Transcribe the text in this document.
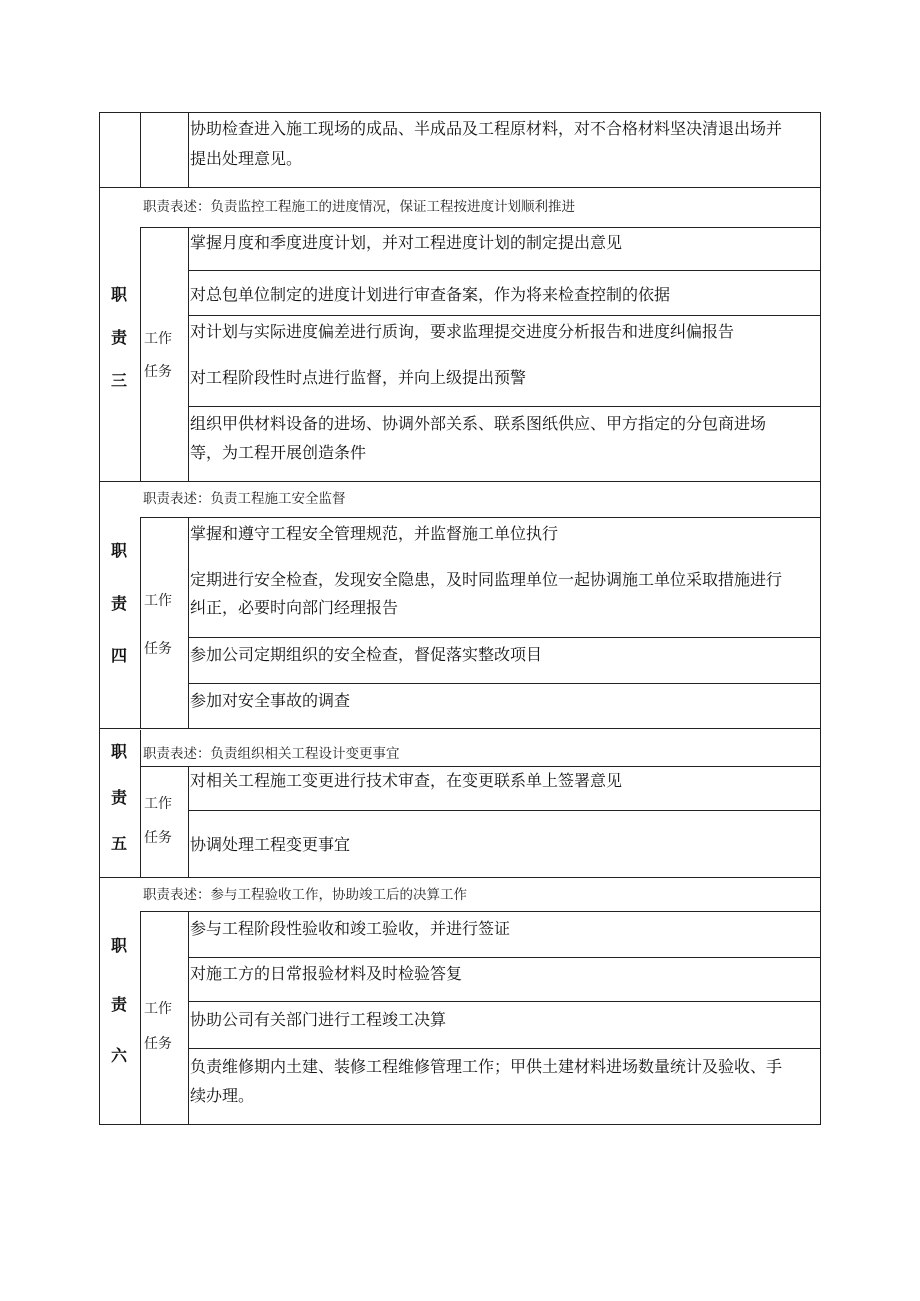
协助检查进入施工现场的成品、半成品及工程原材料，对不合格材料坚决清退出场并
提出处理意见。
职
责
三
职责表述：负责监控工程施工的进度情况，保证工程按进度计划顺利推进
工作
任务
掌握月度和季度进度计划，并对工程进度计划的制定提出意见
对总包单位制定的进度计划进行审查备案，作为将来检查控制的依据
对计划与实际进度偏差进行质询，要求监理提交进度分析报告和进度纠偏报告
对工程阶段性时点进行监督，并向上级提出预警
组织甲供材料设备的进场、协调外部关系、联系图纸供应、甲方指定的分包商进场
等，为工程开展创造条件
职
责
四
职责表述：负责工程施工安全监督
工作
任务
掌握和遵守工程安全管理规范，并监督施工单位执行
定期进行安全检查，发现安全隐患，及时同监理单位一起协调施工单位采取措施进行
纠正，必要时向部门经理报告
参加公司定期组织的安全检查，督促落实整改项目
参加对安全事故的调查
职
责
五
职责表述：负责组织相关工程设计变更事宜
工作
任务
对相关工程施工变更进行技术审查，在变更联系单上签署意见
协调处理工程变更事宜
职
责
六
职责表述：参与工程验收工作，协助竣工后的决算工作
工作
任务
参与工程阶段性验收和竣工验收，并进行签证
对施工方的日常报验材料及时检验答复
协助公司有关部门进行工程竣工决算
负责维修期内土建、装修工程维修管理工作；甲供土建材料进场数量统计及验收、手
续办理。
